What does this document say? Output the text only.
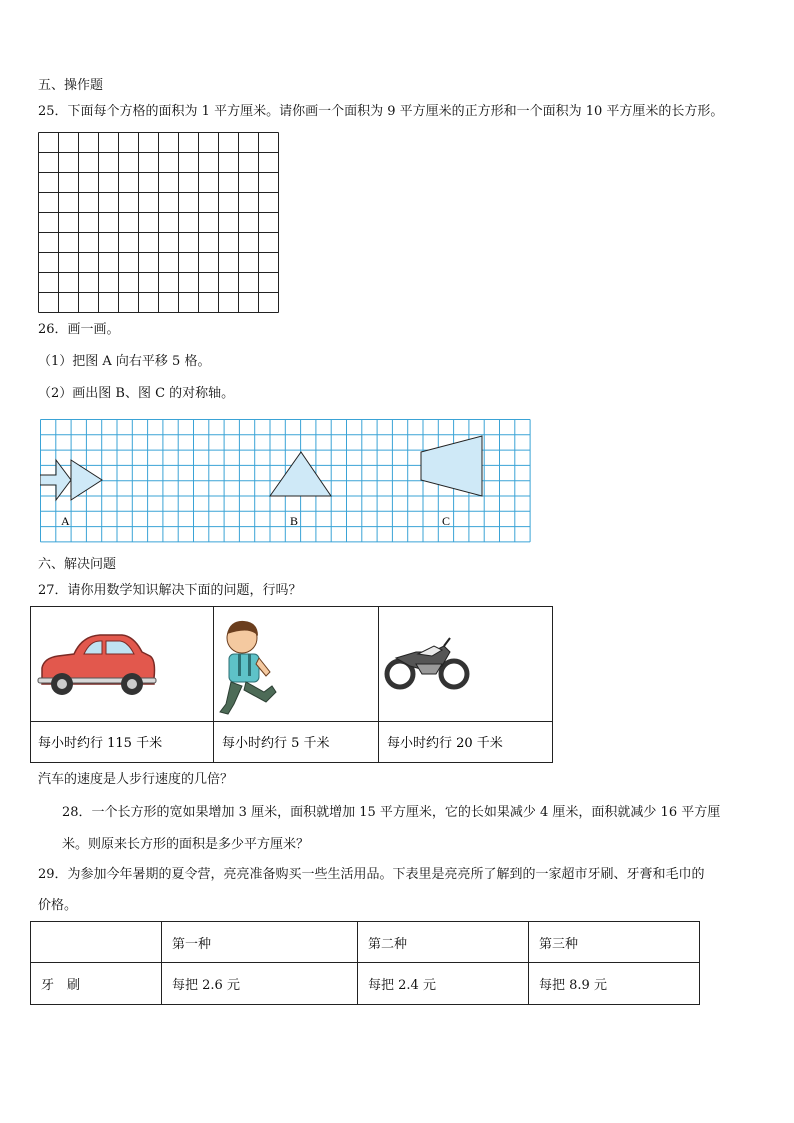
五、操作题
25．下面每个方格的面积为 1 平方厘米。请你画一个面积为 9 平方厘米的正方形和一个面积为 10 平方厘米的长方形。
26．画一画。
（1）把图 A 向右平移 5 格。
（2）画出图 B、图 C 的对称轴。
A	B	C
六、解决问题
27．请你用数学知识解决下面的问题，行吗？
每小时约行 115 千米	每小时约行 5 千米	每小时约行 20 千米
汽车的速度是人步行速度的几倍？
28．一个长方形的宽如果增加 3 厘米，面积就增加 15 平方厘米，它的长如果减少 4 厘米，面积就减少 16 平方厘
米。则原来长方形的面积是多少平方厘米？
29．为参加今年暑期的夏令营，亮亮准备购买一些生活用品。下表里是亮亮所了解到的一家超市牙刷、牙膏和毛巾的
价格。
	第一种	第二种	第三种
牙　刷	每把 2.6 元	每把 2.4 元	每把 8.9 元
